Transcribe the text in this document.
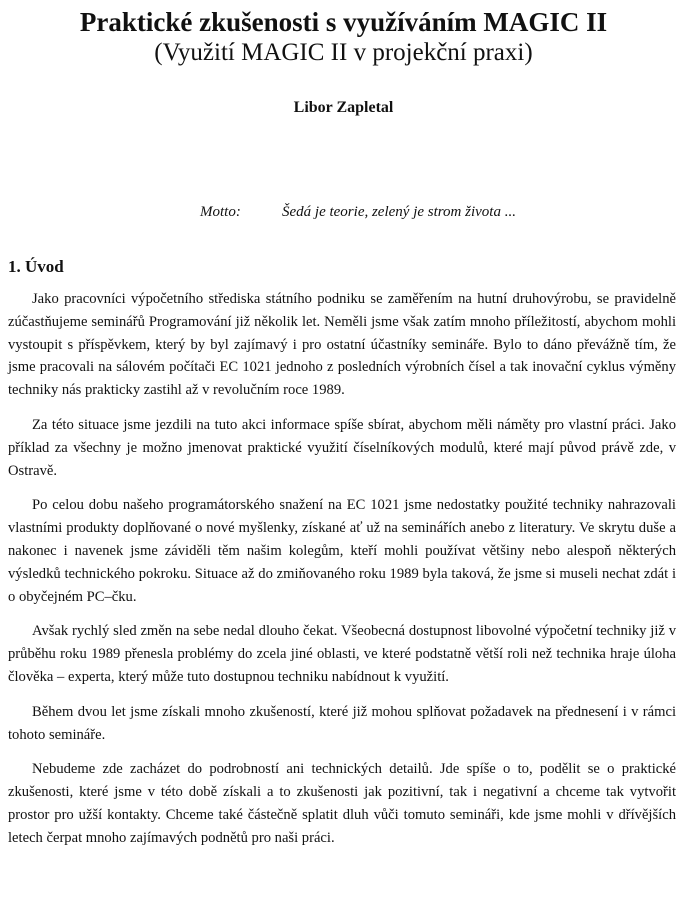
Praktické zkušenosti s využíváním MAGIC II
(Využití MAGIC II v projekční praxi)
Libor Zapletal
Motto:	Šedá je teorie, zelený je strom života ...
1. Úvod

Jako pracovníci výpočetního střediska státního podniku se zaměřením na hutní druhovýrobu, se pravidelně zúčastňujeme seminářů Programování již několik let. Neměli jsme však zatím mnoho příležitostí, abychom mohli vystoupit s příspěvkem, který by byl zajímavý i pro ostatní účastníky semináře. Bylo to dáno převážně tím, že jsme pracovali na sálovém počítači EC 1021 jednoho z posledních výrobních čísel a tak inovační cyklus výměny techniky nás prakticky zastihl až v revolučním roce 1989.

Za této situace jsme jezdili na tuto akci informace spíše sbírat, abychom měli náměty pro vlastní práci. Jako příklad za všechny je možno jmenovat praktické využití číselníkových modulů, které mají původ právě zde, v Ostravě.

Po celou dobu našeho programátorského snažení na EC 1021 jsme nedostatky použité techniky nahrazovali vlastními produkty doplňované o nové myšlenky, získané ať už na seminářích anebo z literatury. Ve skrytu duše a nakonec i navenek jsme záviděli těm našim kolegům, kteří mohli používat většiny nebo alespoň některých výsledků technického pokroku. Situace až do zmiňovaného roku 1989 byla taková, že jsme si museli nechat zdát i o obyčejném PC–čku.

Avšak rychlý sled změn na sebe nedal dlouho čekat. Všeobecná dostupnost libovolné výpočetní techniky již v průběhu roku 1989 přenesla problémy do zcela jiné oblasti, ve které podstatně větší roli než technika hraje úloha člověka – experta, který může tuto dostupnou techniku nabídnout k využití.

Během dvou let jsme získali mnoho zkušeností, které již mohou splňovat požadavek na přednesení i v rámci tohoto semináře.

Nebudeme zde zacházet do podrobností ani technických detailů. Jde spíše o to, podělit se o praktické zkušenosti, které jsme v této době získali a to zkušenosti jak pozitivní, tak i negativní a chceme tak vytvořit prostor pro užší kontakty. Chceme také částečně splatit dluh vůči tomuto semináři, kde jsme mohli v dřívějších letech čerpat mnoho zajímavých podnětů pro naši práci.
